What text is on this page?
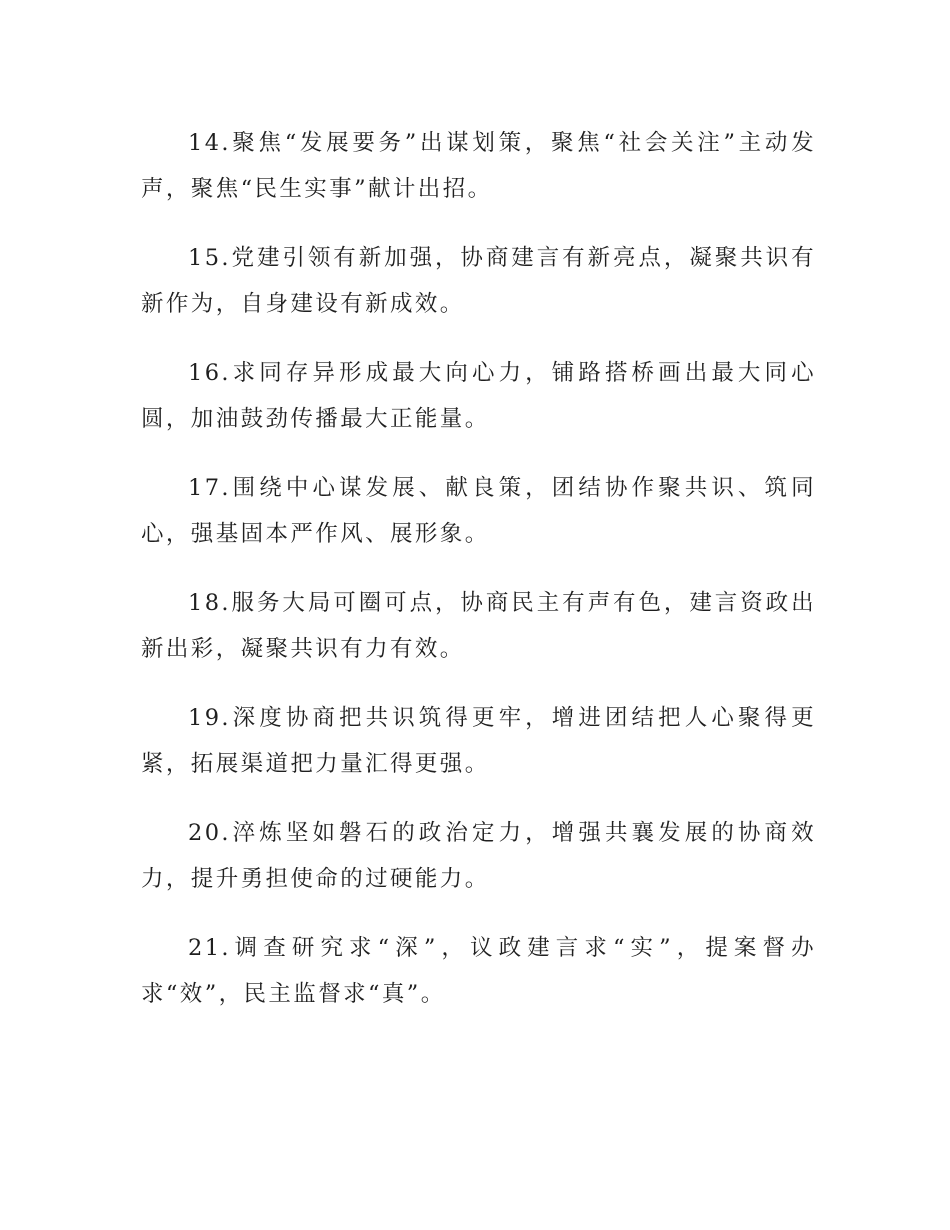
14.聚焦“发展要务”出谋划策，聚焦“社会关注”主动发声，聚焦“民生实事”献计出招。

15.党建引领有新加强，协商建言有新亮点，凝聚共识有新作为，自身建设有新成效。

16.求同存异形成最大向心力，铺路搭桥画出最大同心圆，加油鼓劲传播最大正能量。

17.围绕中心谋发展、献良策，团结协作聚共识、筑同心，强基固本严作风、展形象。

18.服务大局可圈可点，协商民主有声有色，建言资政出新出彩，凝聚共识有力有效。

19.深度协商把共识筑得更牢，增进团结把人心聚得更紧，拓展渠道把力量汇得更强。

20.淬炼坚如磐石的政治定力，增强共襄发展的协商效力，提升勇担使命的过硬能力。

21.调查研究求“深”，议政建言求“实”，提案督办求“效”，民主监督求“真”。
